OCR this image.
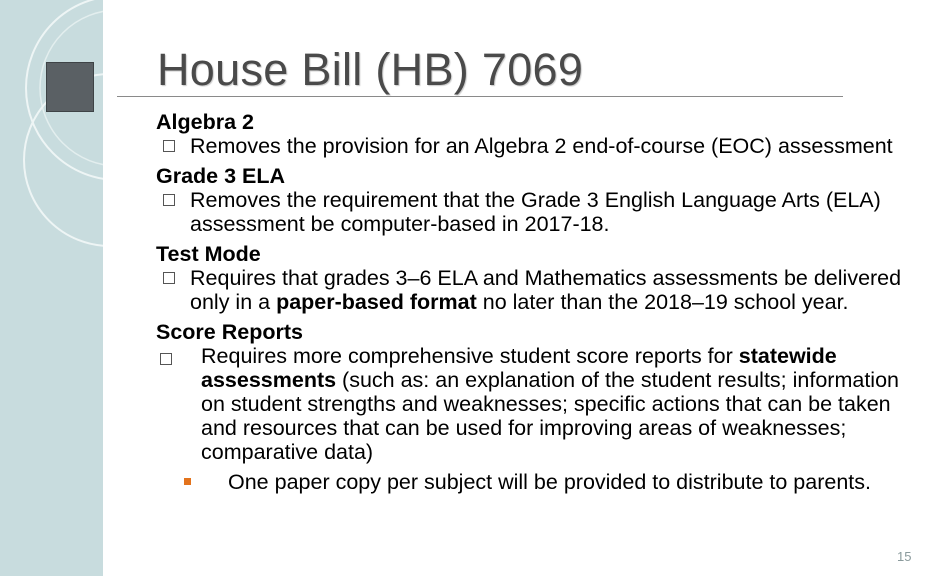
House Bill (HB) 7069

Algebra 2

Removes the provision for an Algebra 2 end-of-course (EOC) assessment

Grade 3 ELA

Removes the requirement that the Grade 3 English Language Arts (ELA) assessment be computer-based in 2017-18.

Test Mode

Requires that grades 3–6 ELA and Mathematics assessments be delivered only in a paper-based format no later than the 2018–19 school year.

Score Reports

Requires more comprehensive student score reports for statewide assessments (such as: an explanation of the student results; information on student strengths and weaknesses; specific actions that can be taken and resources that can be used for improving areas of weaknesses; comparative data)
One paper copy per subject will be provided to distribute to parents.
15
